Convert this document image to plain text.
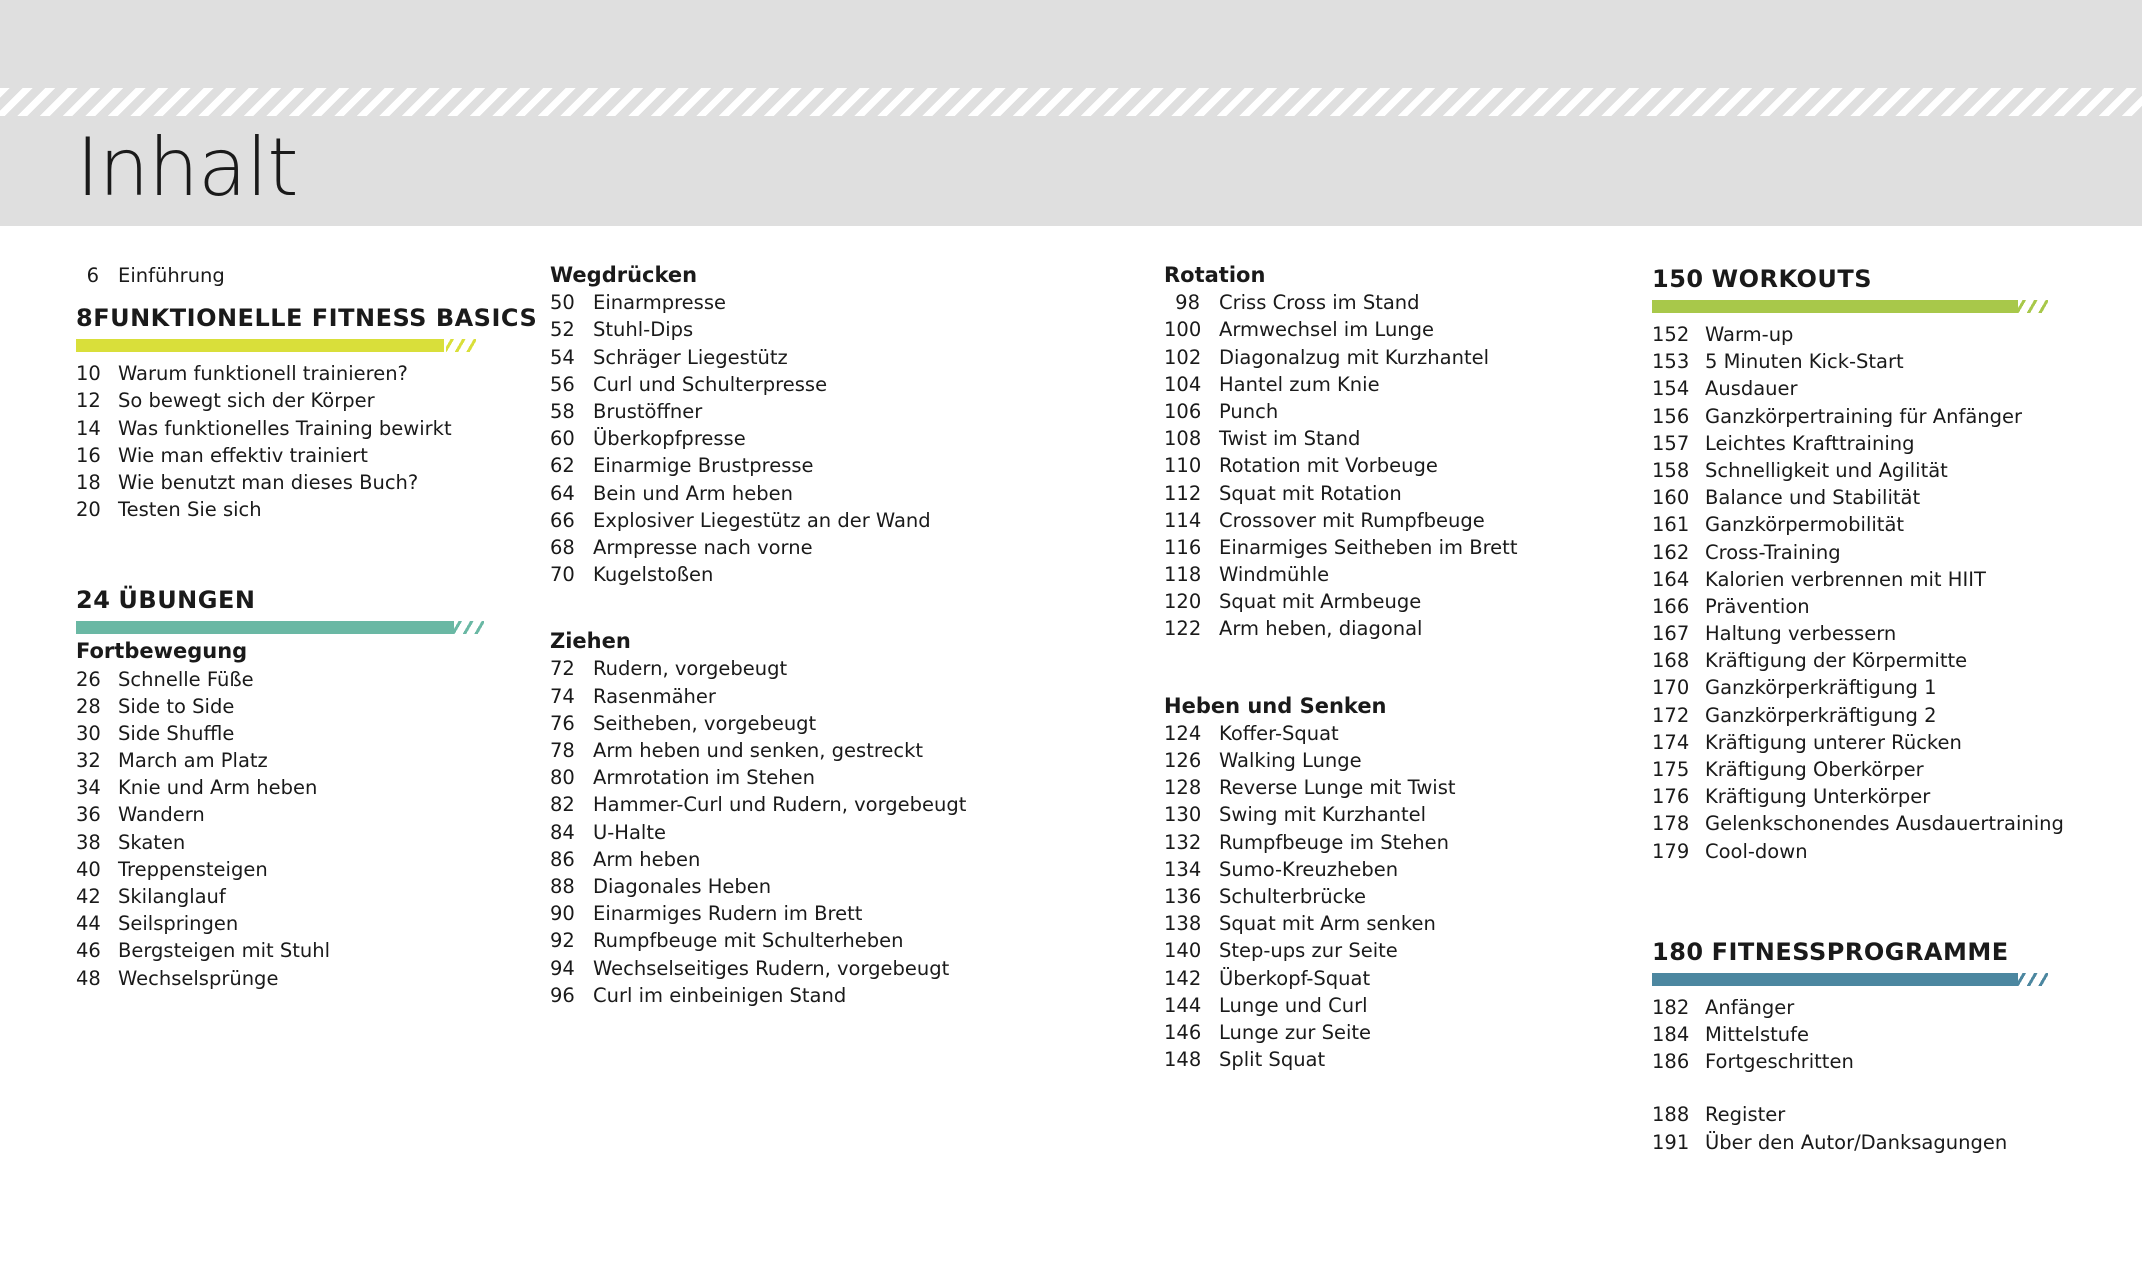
Inhalt
6 Einführung
8 FUNKTIONELLE FITNESS BASICS
10 Warum funktionell trainieren?
12 So bewegt sich der Körper
14 Was funktionelles Training bewirkt
16 Wie man effektiv trainiert
18 Wie benutzt man dieses Buch?
20 Testen Sie sich
24 ÜBUNGEN
Fortbewegung
26 Schnelle Füße
28 Side to Side
30 Side Shuffle
32 March am Platz
34 Knie und Arm heben
36 Wandern
38 Skaten
40 Treppensteigen
42 Skilanglauf
44 Seilspringen
46 Bergsteigen mit Stuhl
48 Wechselsprünge
Wegdrücken
50 Einarmpresse
52 Stuhl-Dips
54 Schräger Liegestütz
56 Curl und Schulterpresse
58 Brustöffner
60 Überkopfpresse
62 Einarmige Brustpresse
64 Bein und Arm heben
66 Explosiver Liegestütz an der Wand
68 Armpresse nach vorne
70 Kugelstoßen
Ziehen
72 Rudern, vorgebeugt
74 Rasenmäher
76 Seitheben, vorgebeugt
78 Arm heben und senken, gestreckt
80 Armrotation im Stehen
82 Hammer-Curl und Rudern, vorgebeugt
84 U-Halte
86 Arm heben
88 Diagonales Heben
90 Einarmiges Rudern im Brett
92 Rumpfbeuge mit Schulterheben
94 Wechselseitiges Rudern, vorgebeugt
96 Curl im einbeinigen Stand
Rotation
98 Criss Cross im Stand
100 Armwechsel im Lunge
102 Diagonalzug mit Kurzhantel
104 Hantel zum Knie
106 Punch
108 Twist im Stand
110 Rotation mit Vorbeuge
112 Squat mit Rotation
114 Crossover mit Rumpfbeuge
116 Einarmiges Seitheben im Brett
118 Windmühle
120 Squat mit Armbeuge
122 Arm heben, diagonal
Heben und Senken
124 Koffer-Squat
126 Walking Lunge
128 Reverse Lunge mit Twist
130 Swing mit Kurzhantel
132 Rumpfbeuge im Stehen
134 Sumo-Kreuzheben
136 Schulterbrücke
138 Squat mit Arm senken
140 Step-ups zur Seite
142 Überkopf-Squat
144 Lunge und Curl
146 Lunge zur Seite
148 Split Squat
150 WORKOUTS
152 Warm-up
153 5 Minuten Kick-Start
154 Ausdauer
156 Ganzkörpertraining für Anfänger
157 Leichtes Krafttraining
158 Schnelligkeit und Agilität
160 Balance und Stabilität
161 Ganzkörpermobilität
162 Cross-Training
164 Kalorien verbrennen mit HIIT
166 Prävention
167 Haltung verbessern
168 Kräftigung der Körpermitte
170 Ganzkörperkräftigung 1
172 Ganzkörperkräftigung 2
174 Kräftigung unterer Rücken
175 Kräftigung Oberkörper
176 Kräftigung Unterkörper
178 Gelenkschonendes Ausdauertraining
179 Cool-down
180 FITNESSPROGRAMME
182 Anfänger
184 Mittelstufe
186 Fortgeschritten
188 Register
191 Über den Autor/Danksagungen
